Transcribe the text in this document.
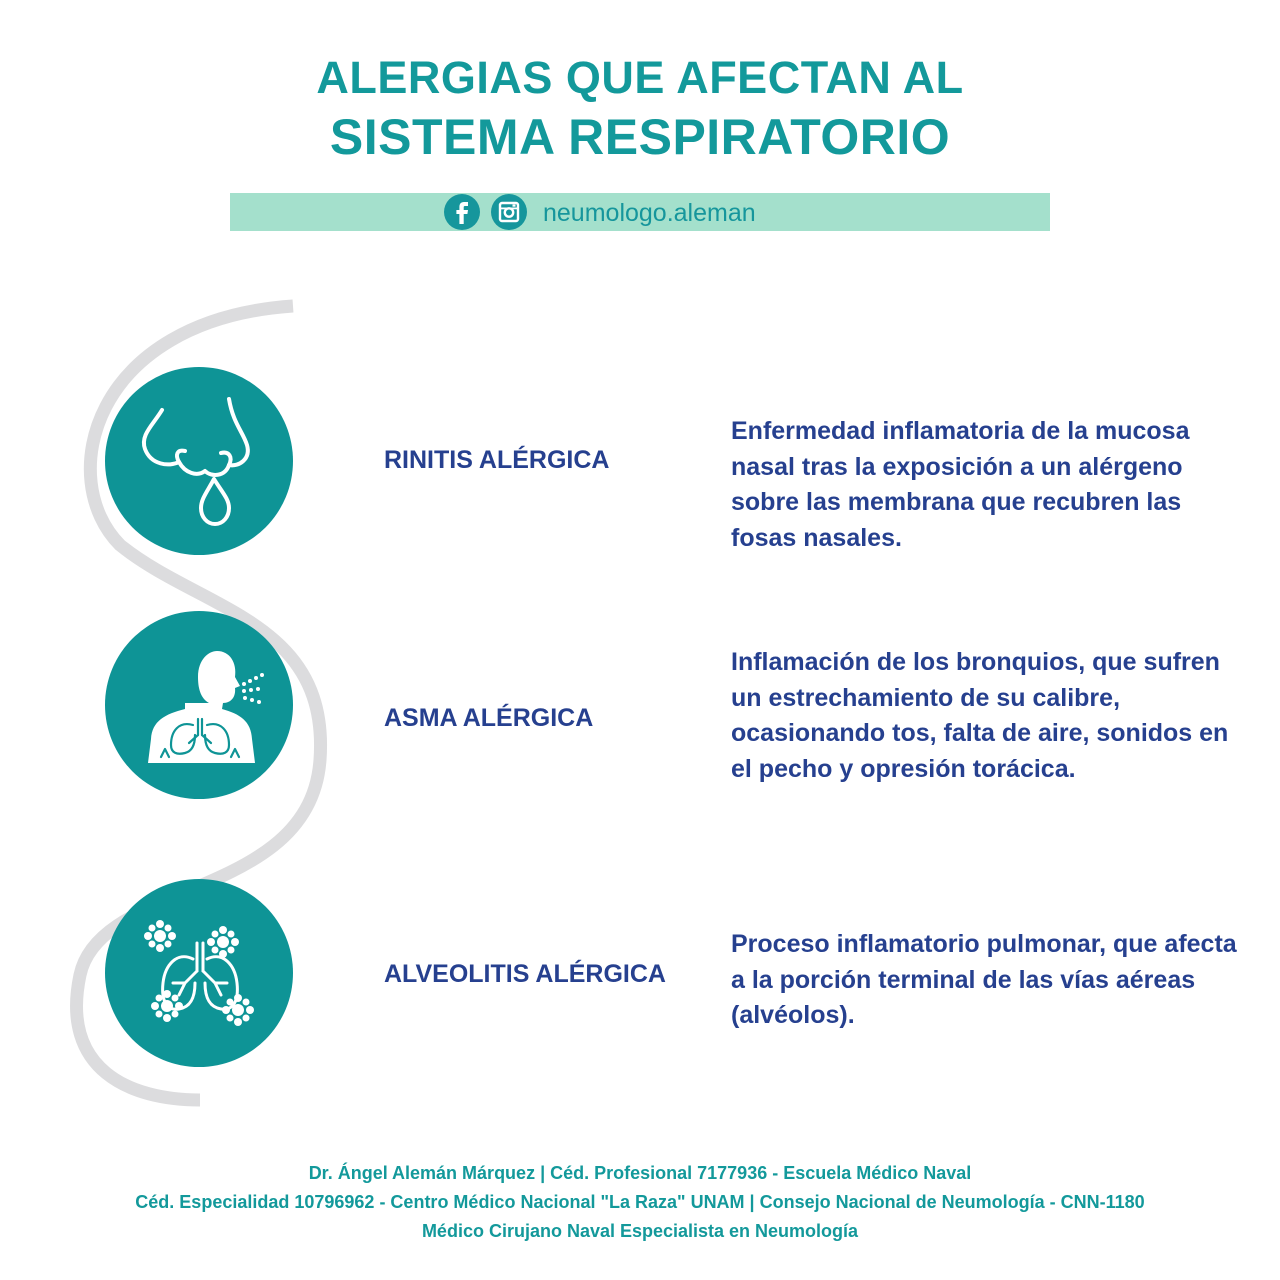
ALERGIAS QUE AFECTAN AL
SISTEMA RESPIRATORIO
neumologo.aleman
RINITIS ALÉRGICA
Enfermedad inflamatoria de la mucosa nasal tras la exposición a un alérgeno sobre las membrana que recubren las fosas nasales.
ASMA ALÉRGICA
Inflamación de los bronquios, que sufren un estrechamiento de su calibre, ocasionando tos, falta de aire, sonidos en el pecho y opresión torácica.
ALVEOLITIS ALÉRGICA
Proceso inflamatorio pulmonar, que afecta a la porción terminal de las vías aéreas (alvéolos).
Dr. Ángel Alemán Márquez | Céd. Profesional 7177936 - Escuela Médico Naval
Céd. Especialidad 10796962 - Centro Médico Nacional "La Raza" UNAM | Consejo Nacional de Neumología - CNN-1180
Médico Cirujano Naval Especialista en Neumología
